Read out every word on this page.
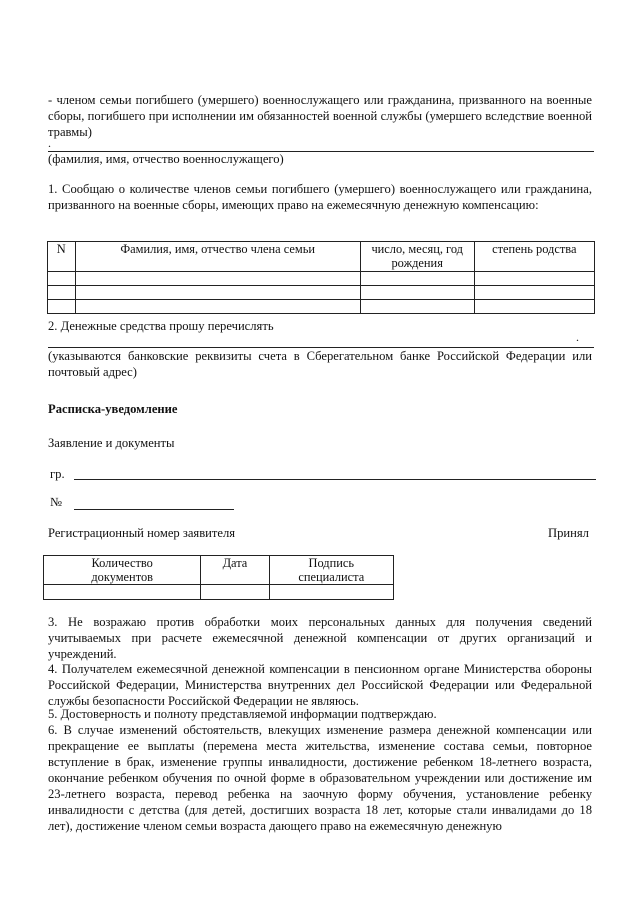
- членом семьи погибшего (умершего) военнослужащего или гражданина, призванного на военные сборы, погибшего при исполнении им обязанностей военной службы (умершего вследствие военной травмы)
.
(фамилия, имя, отчество военнослужащего)
1. Сообщаю о количестве членов семьи погибшего (умершего) военнослужащего или гражданина, призванного на военные сборы, имеющих право на ежемесячную денежную компенсацию:
N	Фамилия, имя, отчество члена семьи	число, месяц, год рождения	степень родства

2. Денежные средства прошу перечислять
.
(указываются банковские реквизиты счета в Сберегательном банке Российской Федерации или почтовый адрес)
Расписка-уведомление
Заявление и документы
гр.
№
Регистрационный номер заявителя	Принял
Количество документов	Дата	Подпись специалиста

3. Не возражаю против обработки моих персональных данных для получения сведений учитываемых при расчете ежемесячной денежной компенсации от других организаций и учреждений.
4. Получателем ежемесячной денежной компенсации в пенсионном органе Министерства обороны Российской Федерации, Министерства внутренних дел Российской Федерации или Федеральной службы безопасности Российской Федерации не являюсь.
5. Достоверность и полноту представляемой информации подтверждаю.
6. В случае изменений обстоятельств, влекущих изменение размера денежной компенсации или прекращение ее выплаты (перемена места жительства, изменение состава семьи, повторное вступление в брак, изменение группы инвалидности, достижение ребенком 18-летнего возраста, окончание ребенком обучения по очной форме в образовательном учреждении или достижение им 23-летнего возраста, перевод ребенка на заочную форму обучения, установление ребенку инвалидности с детства (для детей, достигших возраста 18 лет, которые стали инвалидами до 18 лет), достижение членом семьи возраста дающего право на ежемесячную денежную
